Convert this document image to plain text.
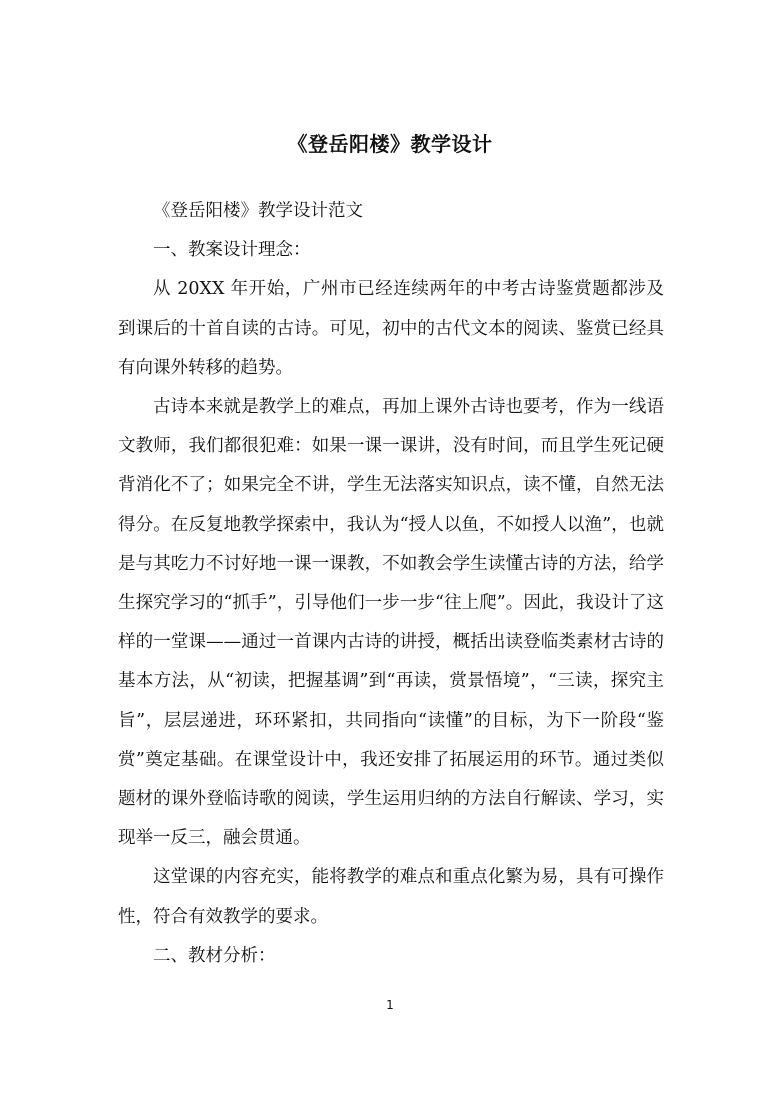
《登岳阳楼》教学设计

《登岳阳楼》教学设计范文

一、教案设计理念：

从 20XX 年开始，广州市已经连续两年的中考古诗鉴赏题都涉及到课后的十首自读的古诗。可见，初中的古代文本的阅读、鉴赏已经具有向课外转移的趋势。

古诗本来就是教学上的难点，再加上课外古诗也要考，作为一线语文教师，我们都很犯难：如果一课一课讲，没有时间，而且学生死记硬背消化不了；如果完全不讲，学生无法落实知识点，读不懂，自然无法得分。在反复地教学探索中，我认为“授人以鱼，不如授人以渔”，也就是与其吃力不讨好地一课一课教，不如教会学生读懂古诗的方法，给学生探究学习的“抓手”，引导他们一步一步“往上爬”。因此，我设计了这样的一堂课——通过一首课内古诗的讲授，概括出读登临类素材古诗的基本方法，从“初读，把握基调”到“再读，赏景悟境”，“三读，探究主旨”，层层递进，环环紧扣，共同指向“读懂”的目标，为下一阶段“鉴赏”奠定基础。在课堂设计中，我还安排了拓展运用的环节。通过类似题材的课外登临诗歌的阅读，学生运用归纳的方法自行解读、学习，实现举一反三，融会贯通。

这堂课的内容充实，能将教学的难点和重点化繁为易，具有可操作性，符合有效教学的要求。

二、教材分析：

1
